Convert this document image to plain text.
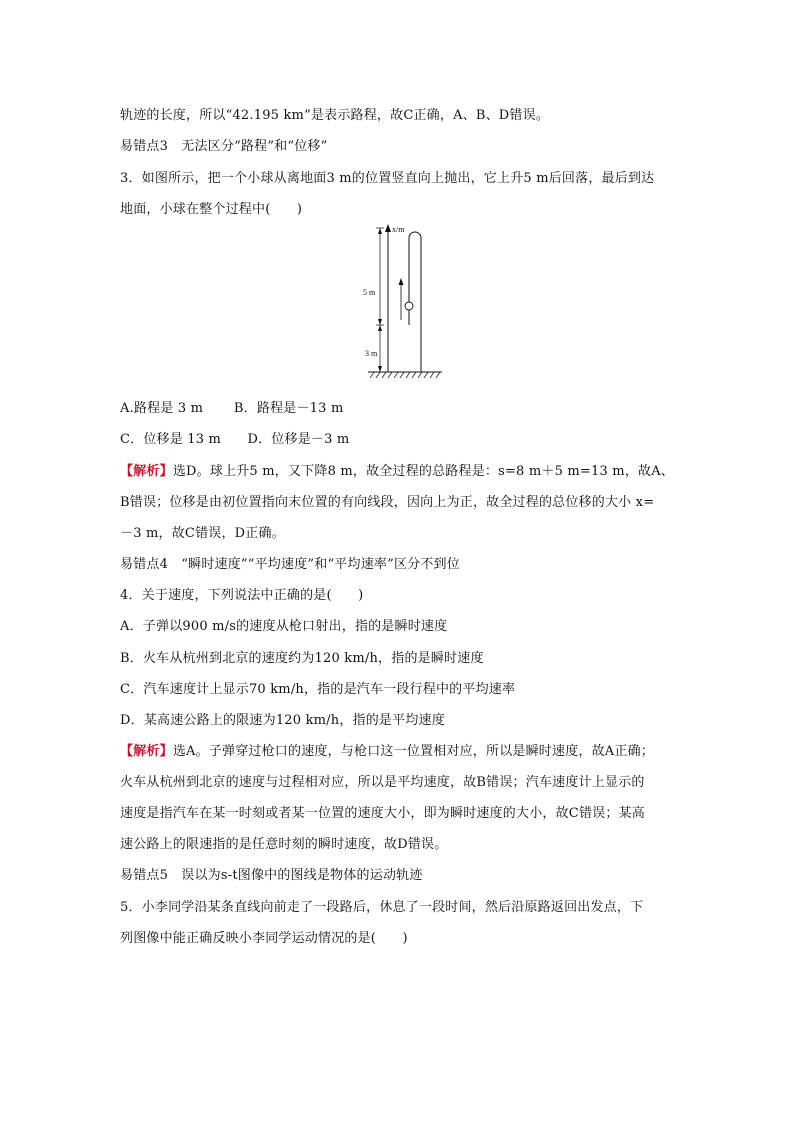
轨迹的长度，所以“42.195 km”是表示路程，故C正确，A、B、D错误。
易错点3　无法区分“路程”和“位移”
3．如图所示，把一个小球从离地面3 m的位置竖直向上抛出，它上升5 m后回落，最后到达
地面，小球在整个过程中(　　)
x/m
5 m
3 m
A.路程是 3 m　　 B．路程是－13 m
C．位移是 13 m　　D．位移是－3 m
【解析】选D。球上升5 m，又下降8 m，故全过程的总路程是：s=8 m＋5 m=13 m，故A、
B错误；位移是由初位置指向末位置的有向线段，因向上为正，故全过程的总位移的大小 x=
－3 m，故C错误，D正确。
易错点4　“瞬时速度”“平均速度”和“平均速率”区分不到位
4．关于速度，下列说法中正确的是(　　)
A．子弹以900 m/s的速度从枪口射出，指的是瞬时速度
B．火车从杭州到北京的速度约为120 km/h，指的是瞬时速度
C．汽车速度计上显示70 km/h，指的是汽车一段行程中的平均速率
D．某高速公路上的限速为120 km/h，指的是平均速度
【解析】选A。子弹穿过枪口的速度，与枪口这一位置相对应，所以是瞬时速度，故A正确；
火车从杭州到北京的速度与过程相对应，所以是平均速度，故B错误；汽车速度计上显示的
速度是指汽车在某一时刻或者某一位置的速度大小，即为瞬时速度的大小，故C错误；某高
速公路上的限速指的是任意时刻的瞬时速度，故D错误。
易错点5　误以为s-t图像中的图线是物体的运动轨迹
5．小李同学沿某条直线向前走了一段路后，休息了一段时间，然后沿原路返回出发点，下
列图像中能正确反映小李同学运动情况的是(　　)
